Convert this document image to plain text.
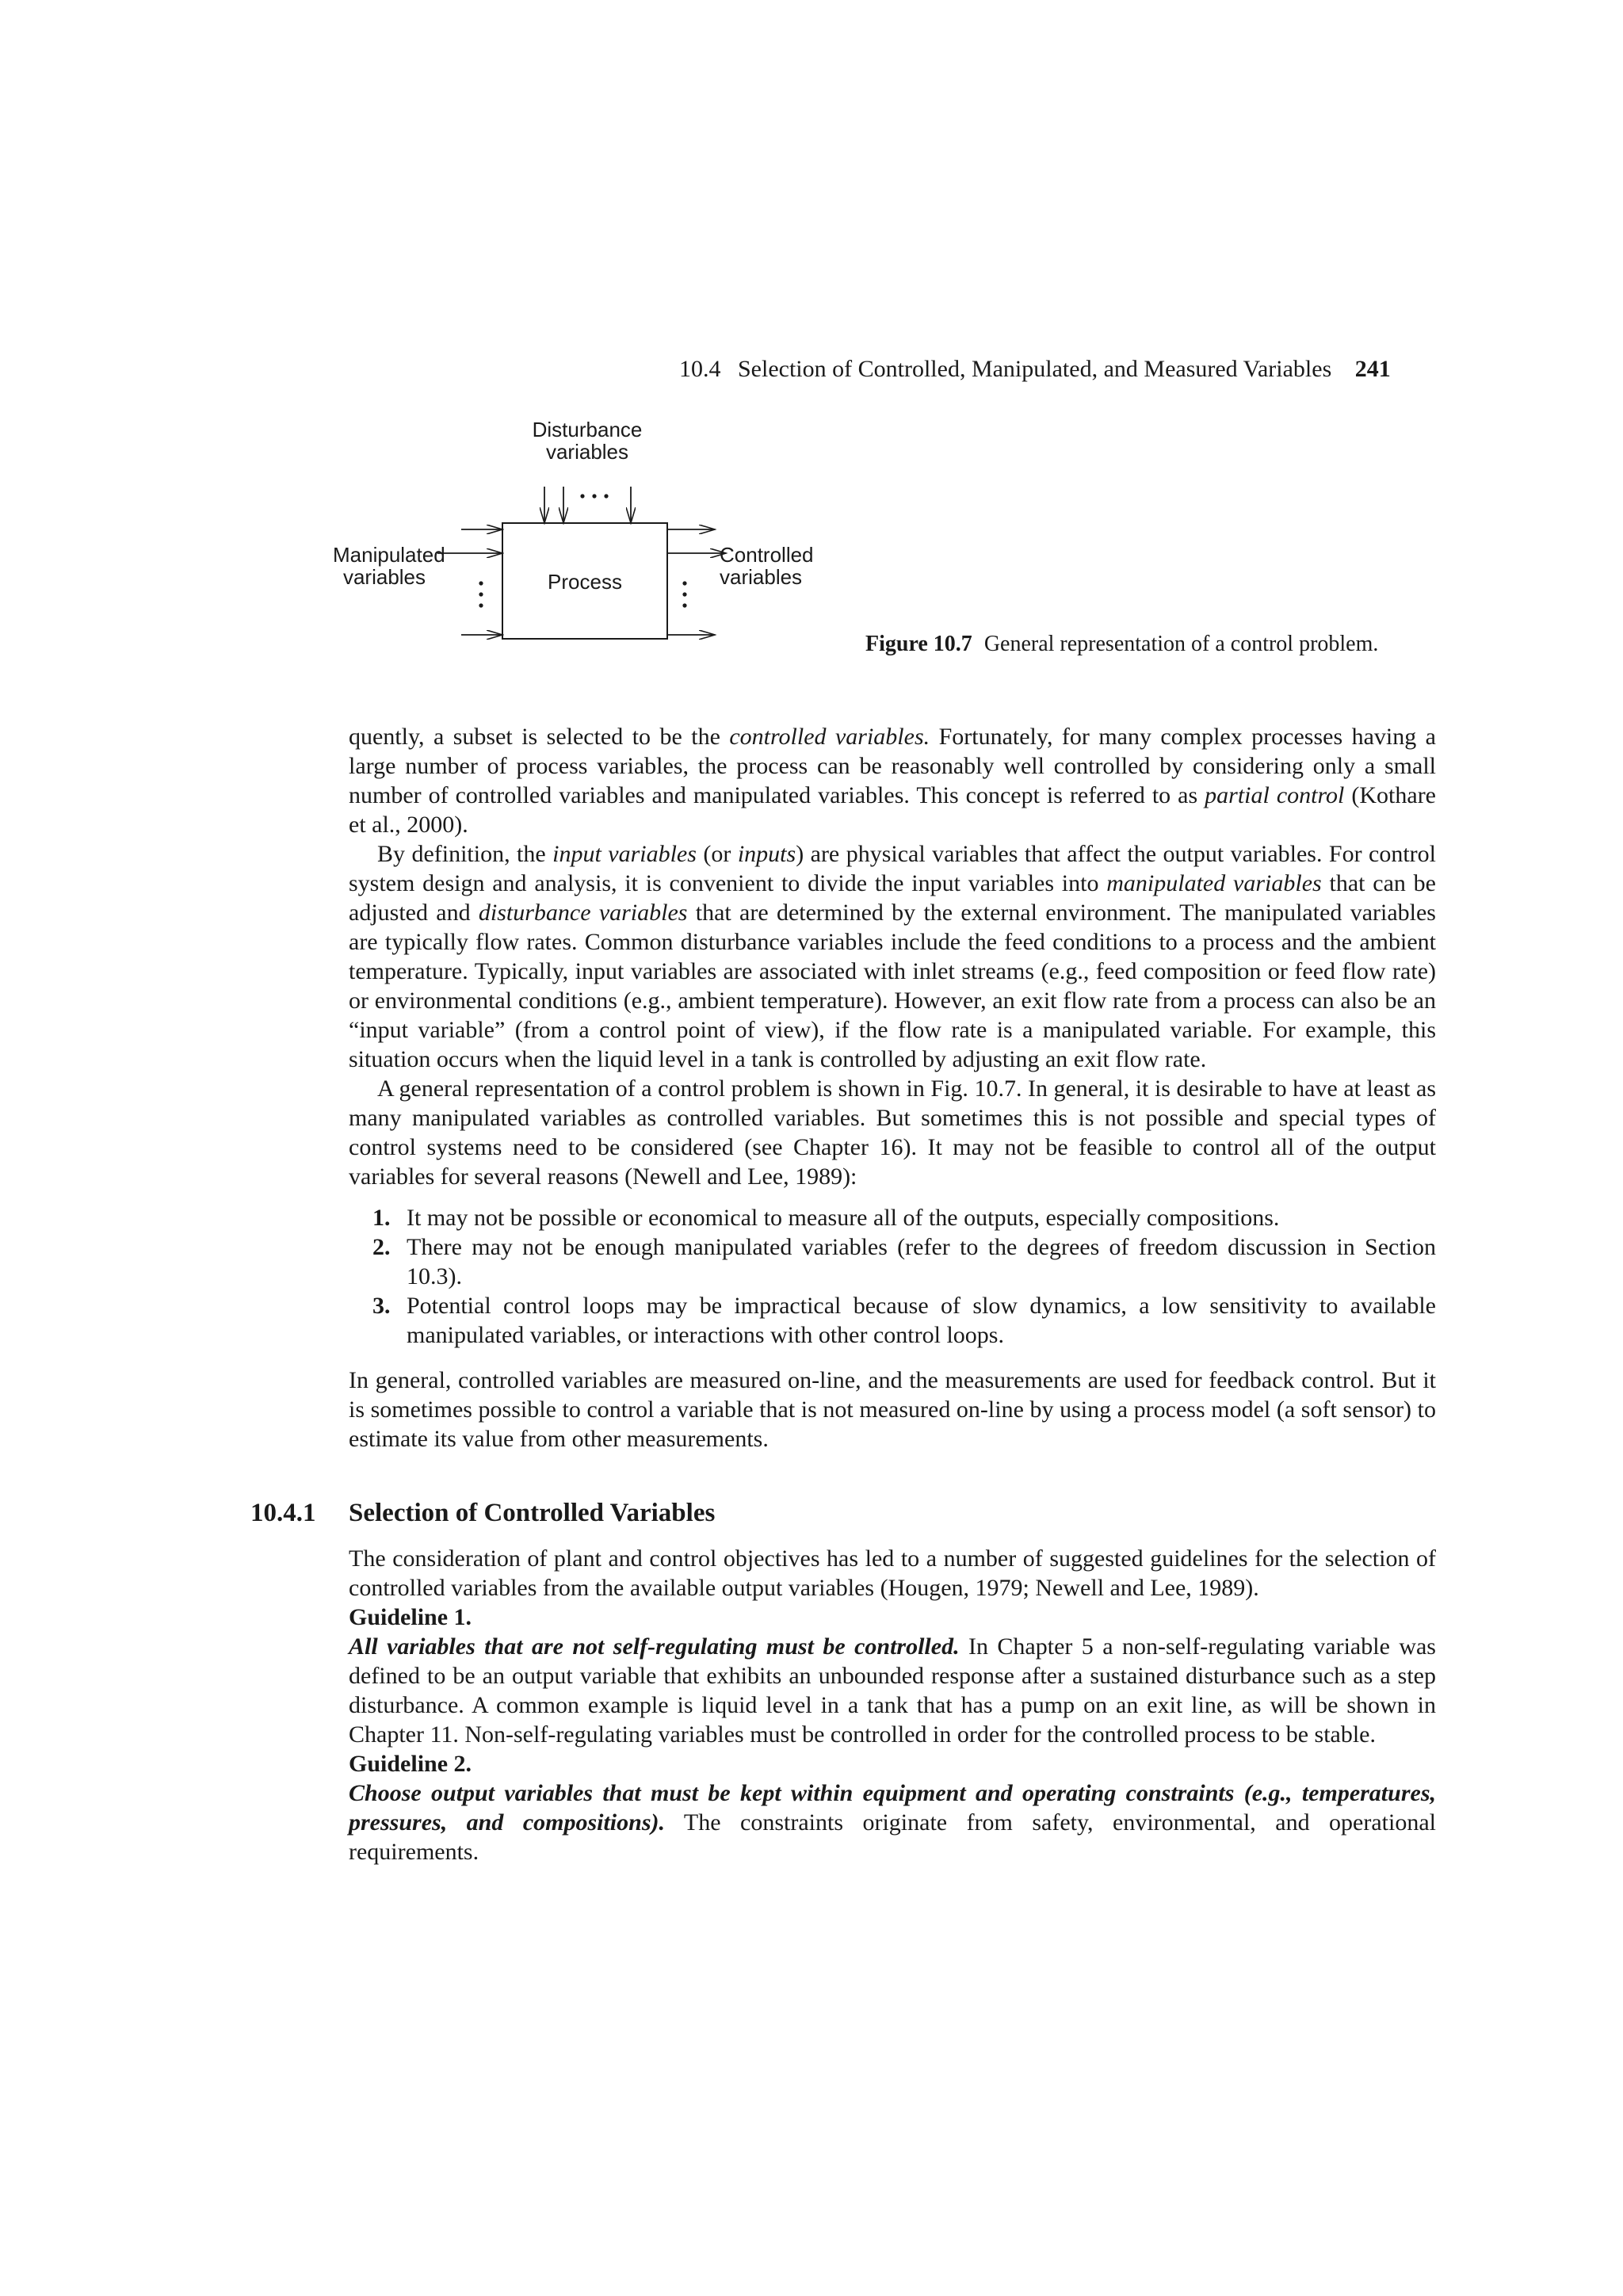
10.4 Selection of Controlled, Manipulated, and Measured Variables 241
Disturbance variables
Manipulated variables	Process
Controlled variables
Figure 10.7 General representation of a control problem.

quently, a subset is selected to be the controlled variables. Fortunately, for many complex processes having a large number of process variables, the process can be reasonably well controlled by considering only a small number of controlled variables and manipulated variables. This concept is referred to as partial control (Kothare et al., 2000).

By definition, the input variables (or inputs) are physical variables that affect the output variables. For control system design and analysis, it is convenient to divide the input variables into manipulated variables that can be adjusted and disturbance variables that are determined by the external environment. The manipulated variables are typically flow rates. Common disturbance variables include the feed conditions to a process and the ambient temperature. Typically, input variables are associated with inlet streams (e.g., feed composition or feed flow rate) or environmental conditions (e.g., ambient temperature). However, an exit flow rate from a process can also be an “input variable” (from a control point of view), if the flow rate is a manipulated variable. For example, this situation occurs when the liquid level in a tank is controlled by adjusting an exit flow rate.

A general representation of a control problem is shown in Fig. 10.7. In general, it is desirable to have at least as many manipulated variables as controlled variables. But sometimes this is not possible and special types of control systems need to be considered (see Chapter 16). It may not be feasible to control all of the output variables for several reasons (Newell and Lee, 1989):

1. It may not be possible or economical to measure all of the outputs, especially compositions.
2. There may not be enough manipulated variables (refer to the degrees of freedom discussion in Section 10.3).
3. Potential control loops may be impractical because of slow dynamics, a low sensitivity to available manipulated variables, or interactions with other control loops.

In general, controlled variables are measured on-line, and the measurements are used for feedback control. But it is sometimes possible to control a variable that is not measured on-line by using a process model (a soft sensor) to estimate its value from other measurements.

10.4.1 Selection of Controlled Variables

The consideration of plant and control objectives has led to a number of suggested guidelines for the selection of controlled variables from the available output variables (Hougen, 1979; Newell and Lee, 1989).

Guideline 1.

All variables that are not self-regulating must be controlled. In Chapter 5 a non-self-regulating variable was defined to be an output variable that exhibits an unbounded response after a sustained disturbance such as a step disturbance. A common example is liquid level in a tank that has a pump on an exit line, as will be shown in Chapter 11. Non-self-regulating variables must be controlled in order for the controlled process to be stable.

Guideline 2.

Choose output variables that must be kept within equipment and operating constraints (e.g., temperatures, pressures, and compositions). The constraints originate from safety, environmental, and operational requirements.
